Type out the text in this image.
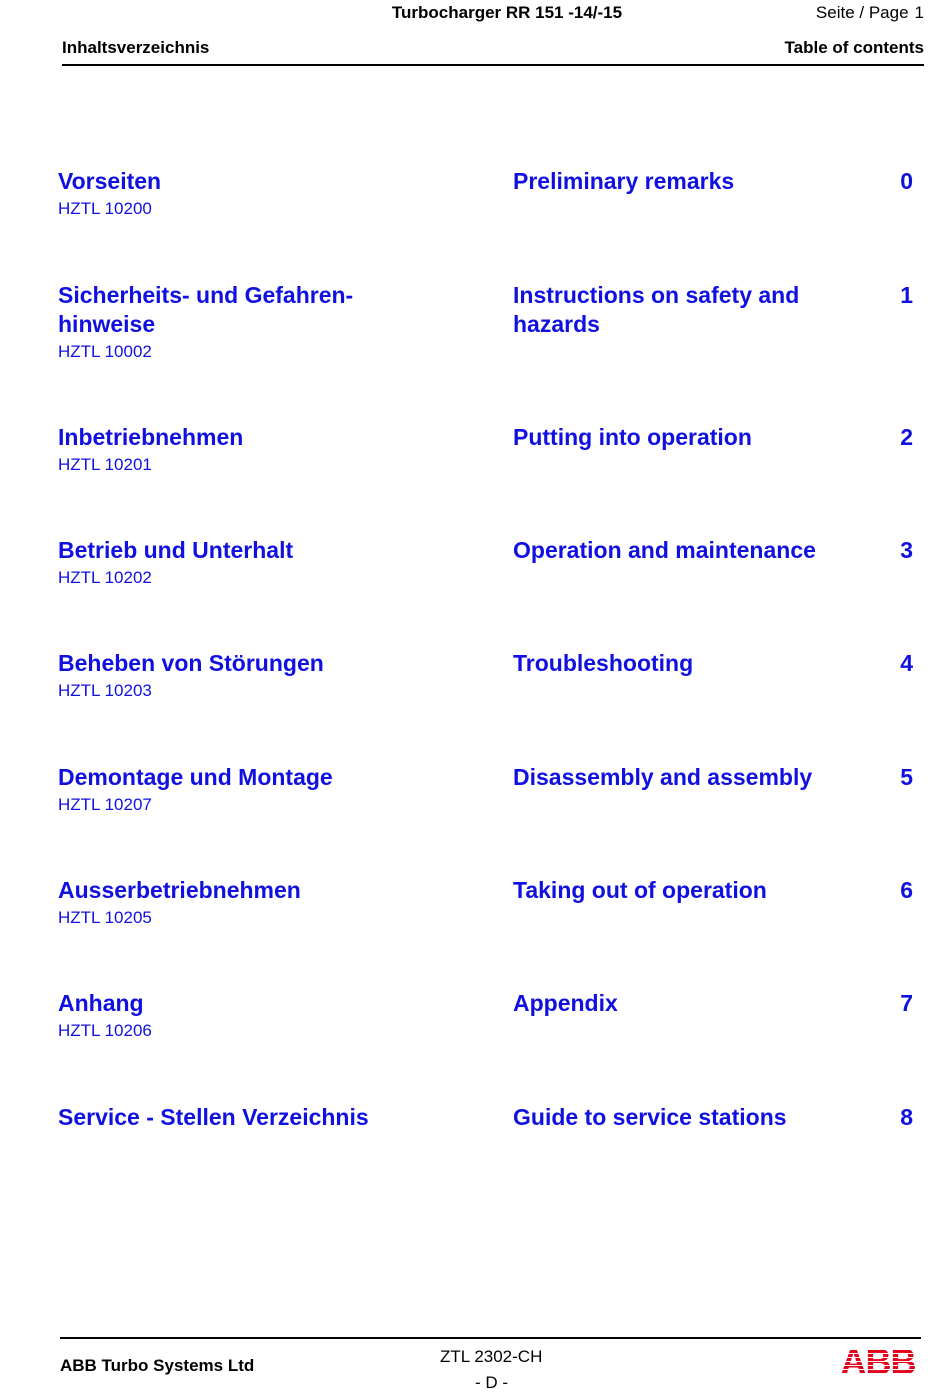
Turbocharger RR 151 -14/-15	Seite / Page 1
Inhaltsverzeichnis	Table of contents
Vorseiten
HZTL 10200
Preliminary remarks	0
Sicherheits- und Gefahren-
hinweise
HZTL 10002
Instructions on safety and
hazards
1
Inbetriebnehmen
HZTL 10201
Putting into operation	2
Betrieb und Unterhalt
HZTL 10202
Operation and maintenance	3
Beheben von Störungen
HZTL 10203
Troubleshooting	4
Demontage und Montage
HZTL 10207
Disassembly and assembly	5
Ausserbetriebnehmen
HZTL 10205
Taking out of operation	6
Anhang
HZTL 10206
Appendix	7
Service - Stellen Verzeichnis	Guide to service stations	8
ABB Turbo Systems Ltd	ZTL 2302-CH
- D -
ABB
